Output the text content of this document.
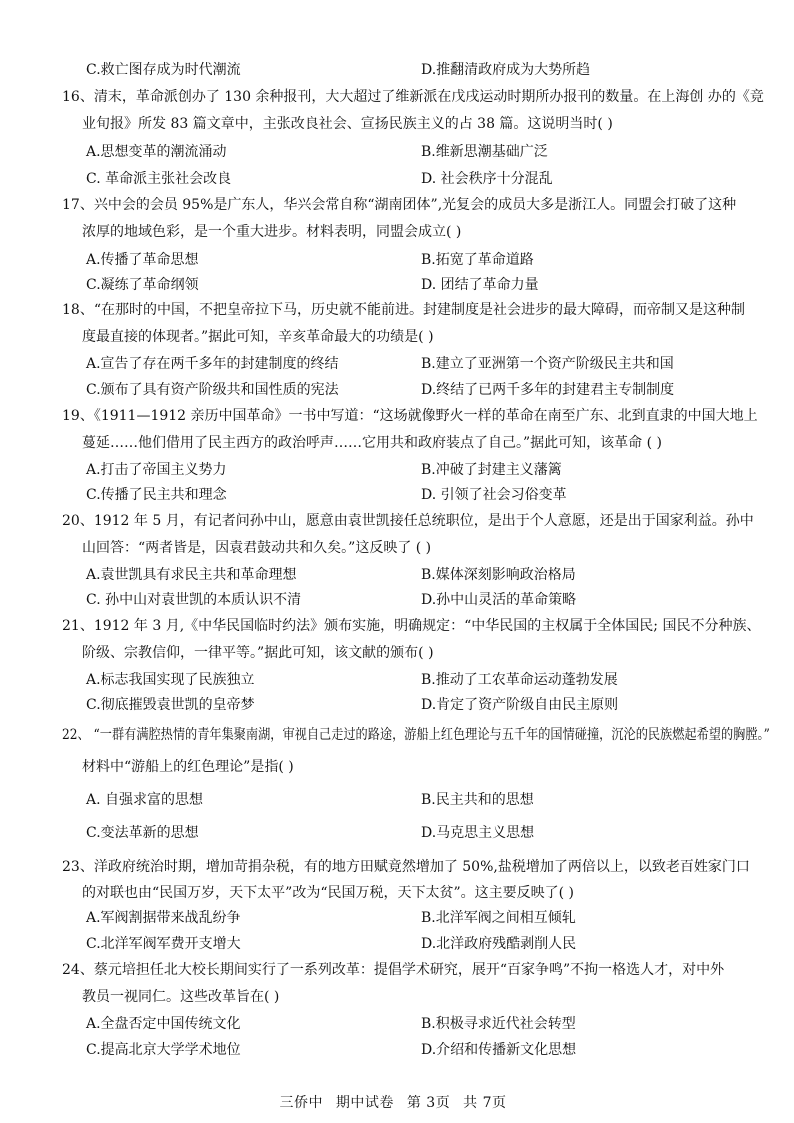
C.救亡图存成为时代潮流	D.推翻清政府成为大势所趋
16、清末，革命派创办了 130 余种报刊，大大超过了维新派在戊戌运动时期所办报刊的数量。在上海创 办的《竞
业旬报》所发 83 篇文章中，主张改良社会、宣扬民族主义的占 38 篇。这说明当时( )
A.思想变革的潮流涌动	B.维新思潮基础广泛
C. 革命派主张社会改良	D. 社会秩序十分混乱
17、兴中会的会员 95%是广东人，华兴会常自称“湖南团体”,光复会的成员大多是浙江人。同盟会打破了这种
浓厚的地域色彩，是一个重大进步。材料表明，同盟会成立( )
A.传播了革命思想	B.拓宽了革命道路
C.凝练了革命纲领	D. 团结了革命力量
18、“在那时的中国，不把皇帝拉下马，历史就不能前进。封建制度是社会进步的最大障碍，而帝制又是这种制
度最直接的体现者。”据此可知，辛亥革命最大的功绩是( )
A.宣告了存在两千多年的封建制度的终结	B.建立了亚洲第一个资产阶级民主共和国
C.颁布了具有资产阶级共和国性质的宪法	D.终结了已两千多年的封建君主专制制度
19、《1911—1912 亲历中国革命》一书中写道：“这场就像野火一样的革命在南至广东、北到直隶的中国大地上
蔓延……他们借用了民主西方的政治呼声……它用共和政府装点了自己。”据此可知，该革命 ( )
A.打击了帝国主义势力	B.冲破了封建主义藩篱
C.传播了民主共和理念	D. 引领了社会习俗变革
20、1912 年 5 月，有记者问孙中山，愿意由袁世凯接任总统职位，是出于个人意愿，还是出于国家利益。孙中
山回答：“两者皆是，因袁君鼓动共和久矣。”这反映了 ( )
A.袁世凯具有求民主共和革命理想	B.媒体深刻影响政治格局
C. 孙中山对袁世凯的本质认识不清	D.孙中山灵活的革命策略
21、1912 年 3 月,《中华民国临时约法》颁布实施，明确规定：“中华民国的主权属于全体国民; 国民不分种族、
阶级、宗教信仰，一律平等。”据此可知，该文献的颁布( )
A.标志我国实现了民族独立	B.推动了工农革命运动蓬勃发展
C.彻底摧毁袁世凯的皇帝梦	D.肯定了资产阶级自由民主原则
22、 “一群有满腔热情的青年集聚南湖，审视自己走过的路途，游船上红色理论与五千年的国情碰撞，沉沦的民族燃起希望的胸膛。”
材料中“游船上的红色理论”是指( )
A. 自强求富的思想	B.民主共和的思想
C.变法革新的思想	D.马克思主义思想
23、洋政府统治时期，增加苛捐杂税，有的地方田赋竟然增加了 50%,盐税增加了两倍以上，以致老百姓家门口
的对联也由“民国万岁，天下太平”改为“民国万税，天下太贫”。这主要反映了( )
A.军阀割据带来战乱纷争	B.北洋军阀之间相互倾轧
C.北洋军阀军费开支增大	D.北洋政府残酷剥削人民
24、蔡元培担任北大校长期间实行了一系列改革：提倡学术研究，展开“百家争鸣”不拘一格选人才，对中外
教员一视同仁。这些改革旨在( )
A.全盘否定中国传统文化	B.积极寻求近代社会转型
C.提高北京大学学术地位	D.介绍和传播新文化思想
三侨中 期中试卷 第 3页 共 7页
